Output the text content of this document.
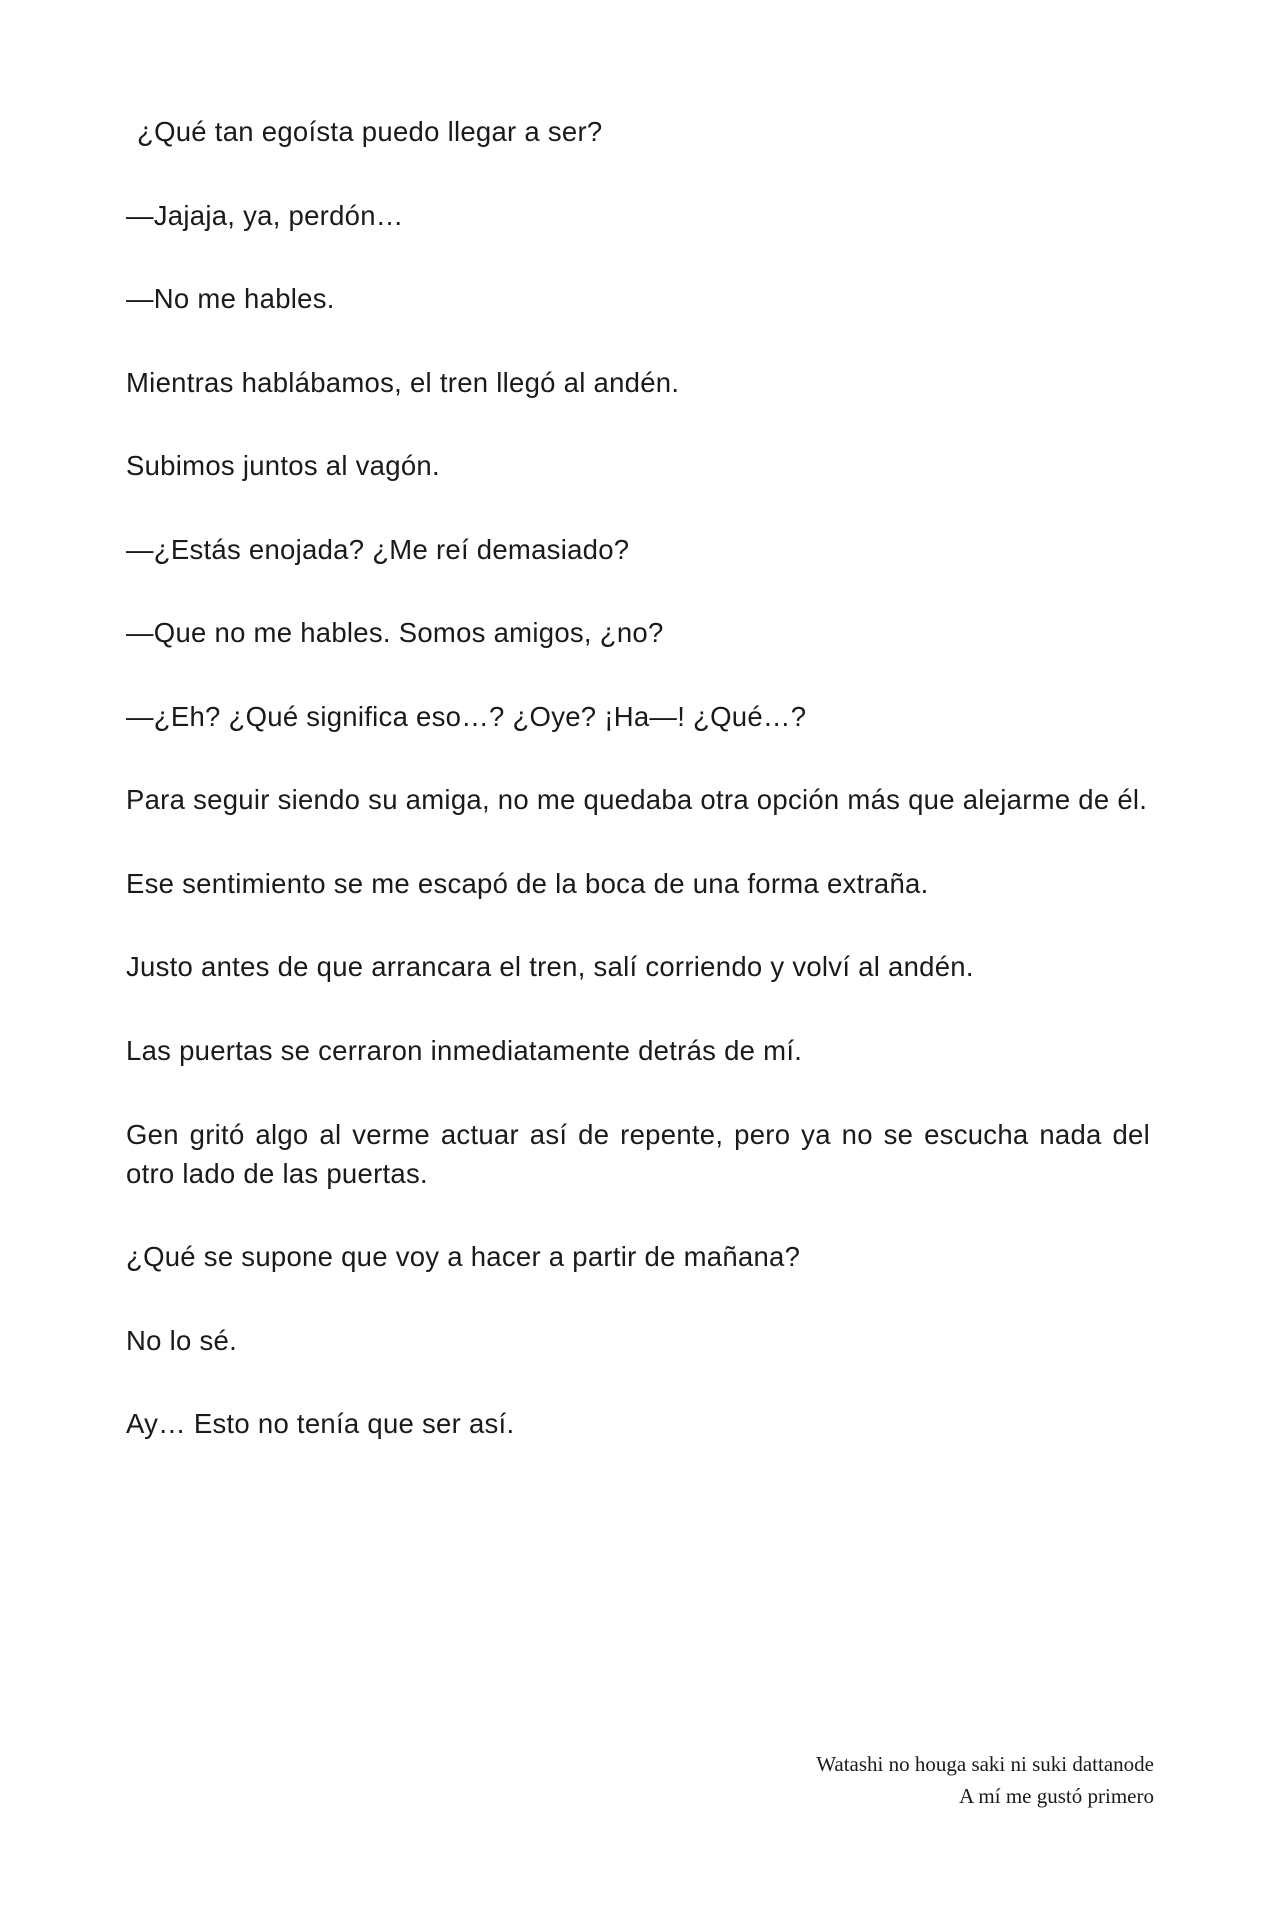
¿Qué tan egoísta puedo llegar a ser?

—Jajaja, ya, perdón…

—No me hables.

Mientras hablábamos, el tren llegó al andén.

Subimos juntos al vagón.

—¿Estás enojada? ¿Me reí demasiado?

—Que no me hables. Somos amigos, ¿no?

—¿Eh? ¿Qué significa eso…? ¿Oye? ¡Ha—! ¿Qué…?

Para seguir siendo su amiga, no me quedaba otra opción más que alejarme de él.

Ese sentimiento se me escapó de la boca de una forma extraña.

Justo antes de que arrancara el tren, salí corriendo y volví al andén.

Las puertas se cerraron inmediatamente detrás de mí.

Gen gritó algo al verme actuar así de repente, pero ya no se escucha nada del otro lado de las puertas.

¿Qué se supone que voy a hacer a partir de mañana?

No lo sé.

Ay… Esto no tenía que ser así.

Watashi no houga saki ni suki dattanode
A mí me gustó primero
